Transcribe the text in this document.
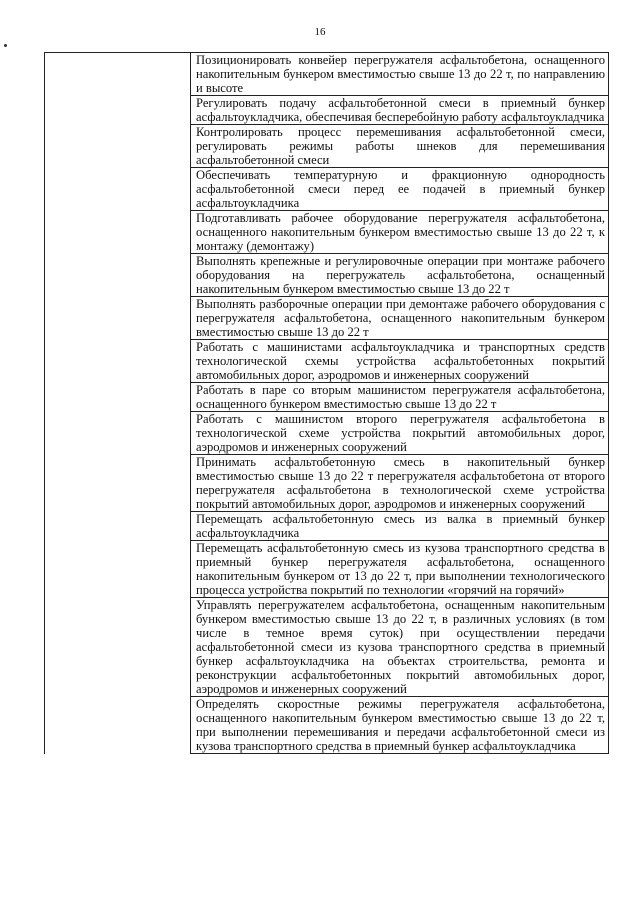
16

Позиционировать конвейер перегружателя асфальтобетона, оснащенного накопительным бункером вместимостью свыше 13 до 22 т, по направлению и высоте

Регулировать подачу асфальтобетонной смеси в приемный бункер асфальтоукладчика, обеспечивая бесперебойную работу асфальтоукладчика

Контролировать процесс перемешивания асфальтобетонной смеси, регулировать режимы работы шнеков для перемешивания асфальтобетонной смеси

Обеспечивать температурную и фракционную однородность асфальтобетонной смеси перед ее подачей в приемный бункер асфальтоукладчика

Подготавливать рабочее оборудование перегружателя асфальтобетона, оснащенного накопительным бункером вместимостью свыше 13 до 22 т, к монтажу (демонтажу)

Выполнять крепежные и регулировочные операции при монтаже рабочего оборудования на перегружатель асфальтобетона, оснащенный накопительным бункером вместимостью свыше 13 до 22 т

Выполнять разборочные операции при демонтаже рабочего оборудования с перегружателя асфальтобетона, оснащенного накопительным бункером вместимостью свыше 13 до 22 т

Работать с машинистами асфальтоукладчика и транспортных средств технологической схемы устройства асфальтобетонных покрытий автомобильных дорог, аэродромов и инженерных сооружений

Работать в паре со вторым машинистом перегружателя асфальтобетона, оснащенного бункером вместимостью свыше 13 до 22 т

Работать с машинистом второго перегружателя асфальтобетона в технологической схеме устройства покрытий автомобильных дорог, аэродромов и инженерных сооружений

Принимать асфальтобетонную смесь в накопительный бункер вместимостью свыше 13 до 22 т перегружателя асфальтобетона от второго перегружателя асфальтобетона в технологической схеме устройства покрытий автомобильных дорог, аэродромов и инженерных сооружений

Перемещать асфальтобетонную смесь из валка в приемный бункер асфальтоукладчика

Перемещать асфальтобетонную смесь из кузова транспортного средства в приемный бункер перегружателя асфальтобетона, оснащенного накопительным бункером от 13 до 22 т, при выполнении технологического процесса устройства покрытий по технологии «горячий на горячий»

Управлять перегружателем асфальтобетона, оснащенным накопительным бункером вместимостью свыше 13 до 22 т, в различных условиях (в том числе в темное время суток) при осуществлении передачи асфальтобетонной смеси из кузова транспортного средства в приемный бункер асфальтоукладчика на объектах строительства, ремонта и реконструкции асфальтобетонных покрытий автомобильных дорог, аэродромов и инженерных сооружений

Определять скоростные режимы перегружателя асфальтобетона, оснащенного накопительным бункером вместимостью свыше 13 до 22 т, при выполнении перемешивания и передачи асфальтобетонной смеси из кузова транспортного средства в приемный бункер асфальтоукладчика
